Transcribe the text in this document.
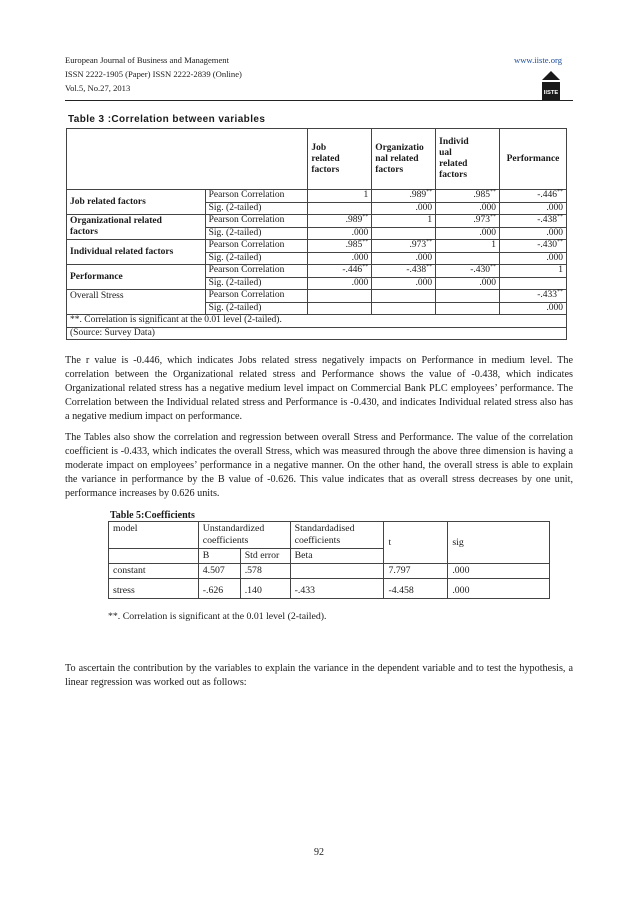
European Journal of Business and Management
ISSN 2222-1905 (Paper) ISSN 2222-2839 (Online)
Vol.5, No.27, 2013
www.iiste.org
IISTE
Table 3 :Correlation between variables
		Job
related
factors	Organizatio
nal related
factors	Individ
ual
related
factors	Performance
Job related factors	Pearson Correlation	1	.989**	.985**	-.446**
	Sig. (2-tailed)		.000	.000	.000
Organizational related
factors	Pearson Correlation	.989**	1	.973**	-.438**
	Sig. (2-tailed)	.000		.000	.000
Individual related factors	Pearson Correlation	.985**	.973**	1	-.430**
	Sig. (2-tailed)	.000	.000		.000
Performance	Pearson Correlation	-.446**	-.438**	-.430**	1
	Sig. (2-tailed)	.000	.000	.000	
Overall Stress	Pearson Correlation				-.433**
	Sig. (2-tailed)				.000
**. Correlation is significant at the 0.01 level (2-tailed).					
(Source: Survey Data)					
The r value is -0.446, which indicates Jobs related stress negatively impacts on Performance in medium level. The correlation between the Organizational related stress and Performance shows the value of -0.438, which indicates Organizational related stress has a negative medium level impact on Commercial Bank PLC employees’ performance. The Correlation between the Individual related stress and Performance is -0.430, and indicates Individual related stress also has a negative medium impact on performance.
The Tables also show the correlation and regression between overall Stress and Performance. The value of the correlation coefficient is -0.433, which indicates the overall Stress, which was measured through the above three dimension is having a moderate impact on employees’ performance in a negative manner. On the other hand, the overall stress is able to explain the variance in performance by the B value of -0.626. This value indicates that as overall stress decreases by one unit, performance increases by 0.626 units.
Table 5:Coefficients
model	Unstandardized coefficients		Standardadised coefficients	t	sig
	B	Std error	Beta		
constant	4.507	.578		7.797	.000
stress	-.626	.140	-.433	-4.458	.000
**. Correlation is significant at the 0.01 level (2-tailed).
To ascertain the contribution by the variables to explain the variance in the dependent variable and to test the hypothesis, a linear regression was worked out as follows:
92
